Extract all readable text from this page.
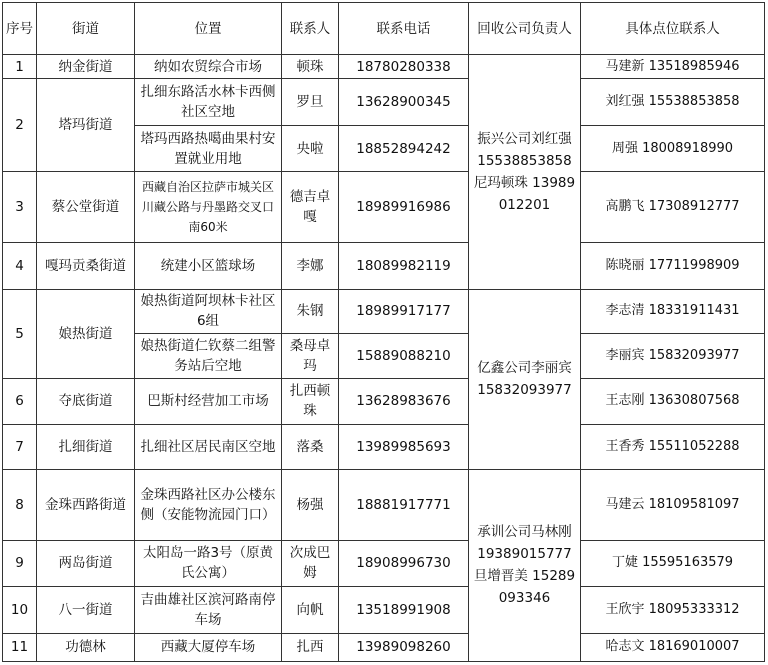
序号	街道	位置	联系人	联系电话	回收公司负责人	具体点位联系人
1	纳金街道	纳如农贸综合市场	顿珠	18780280338	振兴公司刘红强 15538853858 尼玛顿珠 13989012201	马建新 13518985946
2	塔玛街道	扎细东路活水林卡西侧社区空地	罗旦	13628900345		刘红强 15538853858
		塔玛西路热噶曲果村安置就业用地	央啦	18852894242		周强 18008918990
3	蔡公堂街道	西藏自治区拉萨市城关区川藏公路与丹墨路交叉口南60米	德吉卓嘎	18989916986		高鹏飞 17308912777
4	嘎玛贡桑街道	统建小区篮球场	李娜	18089982119		陈晓丽 17711998909
5	娘热街道	娘热街道阿坝林卡社区6组	朱钢	18989917177	亿鑫公司李丽宾 15832093977	李志清 18331911431
		娘热街道仁钦蔡二组警务站后空地	桑母卓玛	15889088210		李丽宾 15832093977
6	夺底街道	巴斯村经营加工市场	扎西顿珠	13628983676		王志刚 13630807568
7	扎细街道	扎细社区居民南区空地	落桑	13989985693		王香秀 15511052288
8	金珠西路街道	金珠西路社区办公楼东侧（安能物流园门口）	杨强	18881917771	承训公司马林刚 19389015777 旦增晋美 15289093346	马建云 18109581097
9	两岛街道	太阳岛一路3号（原黄氏公寓）	次成巴姆	18908996730		丁婕 15595163579
10	八一街道	吉曲雄社区滨河路南停车场	向帆	13518991908		王欣宇 18095333312
11	功德林	西藏大厦停车场	扎西	13989098260		哈志文 18169010007
